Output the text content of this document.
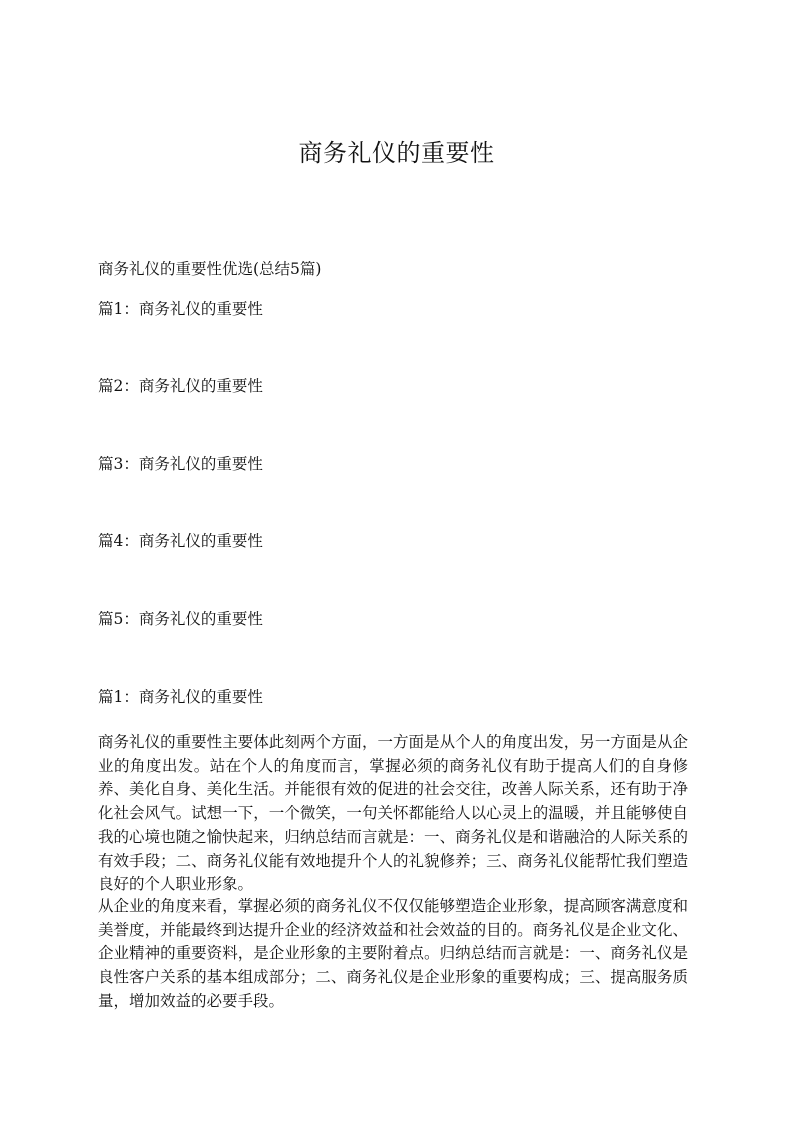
商务礼仪的重要性

商务礼仪的重要性优选(总结5篇)

篇1：商务礼仪的重要性

篇2：商务礼仪的重要性

篇3：商务礼仪的重要性

篇4：商务礼仪的重要性

篇5：商务礼仪的重要性

篇1：商务礼仪的重要性

商务礼仪的重要性主要体此刻两个方面，一方面是从个人的角度出发，另一方面是从企业的角度出发。站在个人的角度而言，掌握必须的商务礼仪有助于提高人们的自身修养、美化自身、美化生活。并能很有效的促进的社会交往，改善人际关系，还有助于净化社会风气。试想一下，一个微笑，一句关怀都能给人以心灵上的温暖，并且能够使自我的心境也随之愉快起来，归纳总结而言就是：一、商务礼仪是和谐融洽的人际关系的有效手段；二、商务礼仪能有效地提升个人的礼貌修养；三、商务礼仪能帮忙我们塑造良好的个人职业形象。

从企业的角度来看，掌握必须的商务礼仪不仅仅能够塑造企业形象，提高顾客满意度和美誉度，并能最终到达提升企业的经济效益和社会效益的目的。商务礼仪是企业文化、企业精神的重要资料，是企业形象的主要附着点。归纳总结而言就是：一、商务礼仪是良性客户关系的基本组成部分；二、商务礼仪是企业形象的重要构成；三、提高服务质量，增加效益的必要手段。
